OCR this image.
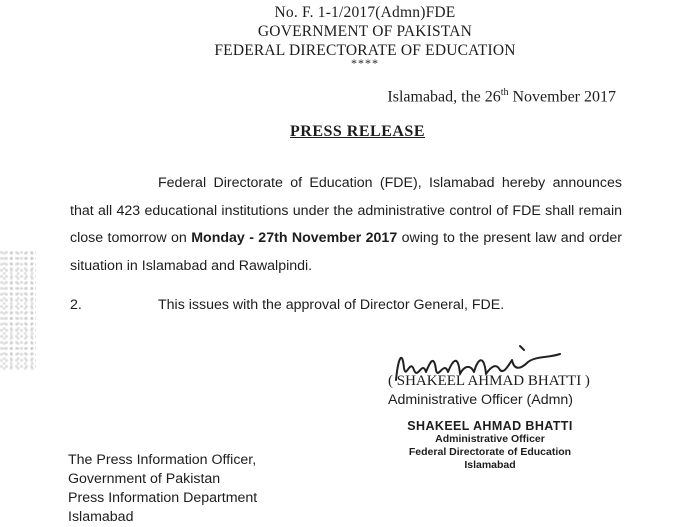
No. F. 1-1/2017(Admn)FDE
GOVERNMENT OF PAKISTAN
FEDERAL DIRECTORATE OF EDUCATION
****
Islamabad, the 26th November 2017
PRESS RELEASE
Federal Directorate of Education (FDE), Islamabad hereby announces that all 423 educational institutions under the administrative control of FDE shall remain close tomorrow on Monday - 27th November 2017 owing to the present law and order situation in Islamabad and Rawalpindi.
2.	This issues with the approval of Director General, FDE.
( SHAKEEL AHMAD BHATTI )
Administrative Officer (Admn)
SHAKEEL AHMAD BHATTI
Administrative Officer
Federal Directorate of Education
Islamabad
The Press Information Officer,
Government of Pakistan
Press Information Department
Islamabad
